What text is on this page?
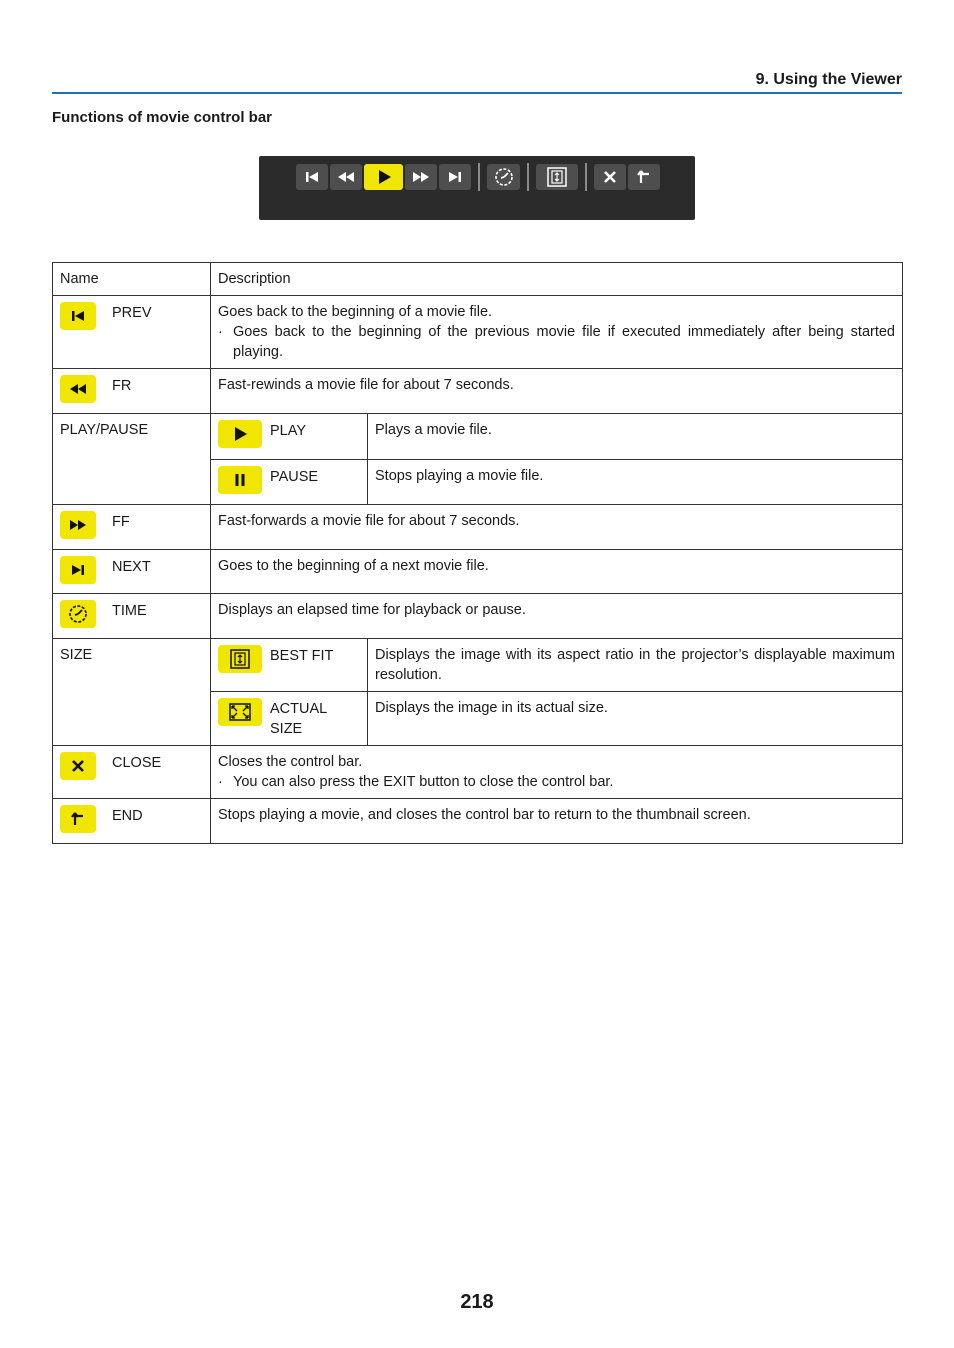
9. Using the Viewer
Functions of movie control bar
Name	Description	

PREV	Goes back to the beginning of a movie file.
· Goes back to the beginning of the previous movie file if executed immediately after being started playing.	

FR	Fast-rewinds a movie file for about 7 seconds.	
PLAY/PAUSE	PLAY	Plays a movie file.

	PAUSE	Stops playing a movie file.

FF	Fast-forwards a movie file for about 7 seconds.	

NEXT	Goes to the beginning of a next movie file.	

TIME	Displays an elapsed time for playback or pause.	
SIZE	BEST FIT	Displays the image with its aspect ratio in the projector’s displayable maximum resolution.

	ACTUAL SIZE	Displays the image in its actual size.

CLOSE	Closes the control bar.
· You can also press the EXIT button to close the control bar.	

END	Stops playing a movie, and closes the control bar to return to the thumbnail screen.	
218
